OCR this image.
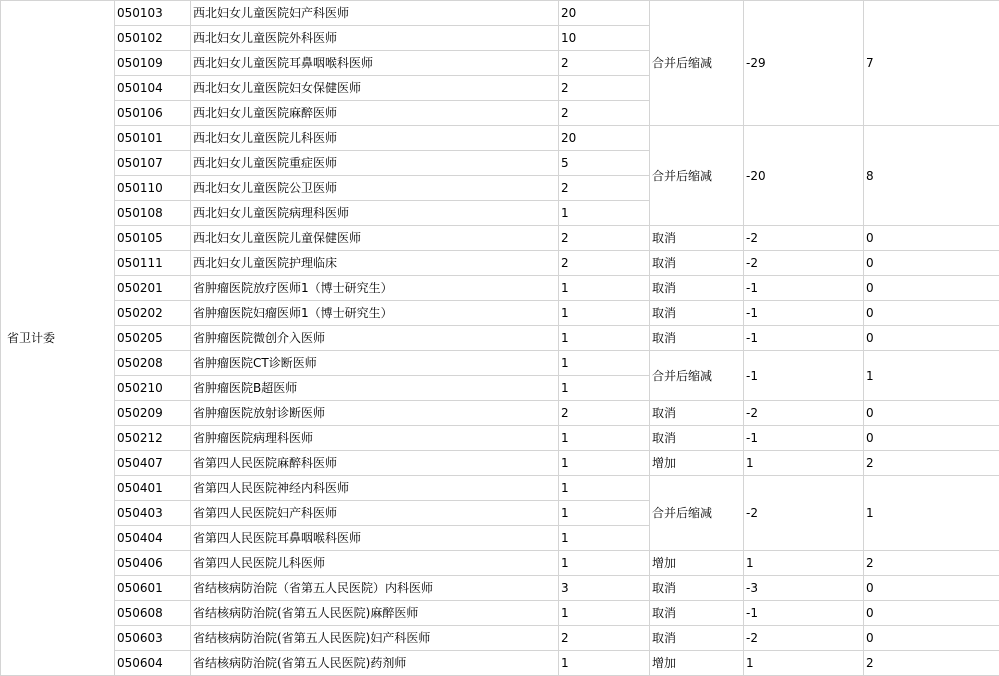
省卫计委	050103	西北妇女儿童医院妇产科医师	20	合并后缩减	-29	7
	050102	西北妇女儿童医院外科医师	10			
	050109	西北妇女儿童医院耳鼻咽喉科医师	2			
	050104	西北妇女儿童医院妇女保健医师	2			
	050106	西北妇女儿童医院麻醉医师	2			
	050101	西北妇女儿童医院儿科医师	20	合并后缩减	-20	8
	050107	西北妇女儿童医院重症医师	5			
	050110	西北妇女儿童医院公卫医师	2			
	050108	西北妇女儿童医院病理科医师	1			
	050105	西北妇女儿童医院儿童保健医师	2	取消	-2	0
	050111	西北妇女儿童医院护理临床	2	取消	-2	0
	050201	省肿瘤医院放疗医师1（博士研究生）	1	取消	-1	0
	050202	省肿瘤医院妇瘤医师1（博士研究生）	1	取消	-1	0
	050205	省肿瘤医院微创介入医师	1	取消	-1	0
	050208	省肿瘤医院CT诊断医师	1	合并后缩减	-1	1
	050210	省肿瘤医院B超医师	1			
	050209	省肿瘤医院放射诊断医师	2	取消	-2	0
	050212	省肿瘤医院病理科医师	1	取消	-1	0
	050407	省第四人民医院麻醉科医师	1	增加	1	2
	050401	省第四人民医院神经内科医师	1	合并后缩减	-2	1
	050403	省第四人民医院妇产科医师	1			
	050404	省第四人民医院耳鼻咽喉科医师	1			
	050406	省第四人民医院儿科医师	1	增加	1	2
	050601	省结核病防治院（省第五人民医院）内科医师	3	取消	-3	0
	050608	省结核病防治院(省第五人民医院)麻醉医师	1	取消	-1	0
	050603	省结核病防治院(省第五人民医院)妇产科医师	2	取消	-2	0
	050604	省结核病防治院(省第五人民医院)药剂师	1	增加	1	2
